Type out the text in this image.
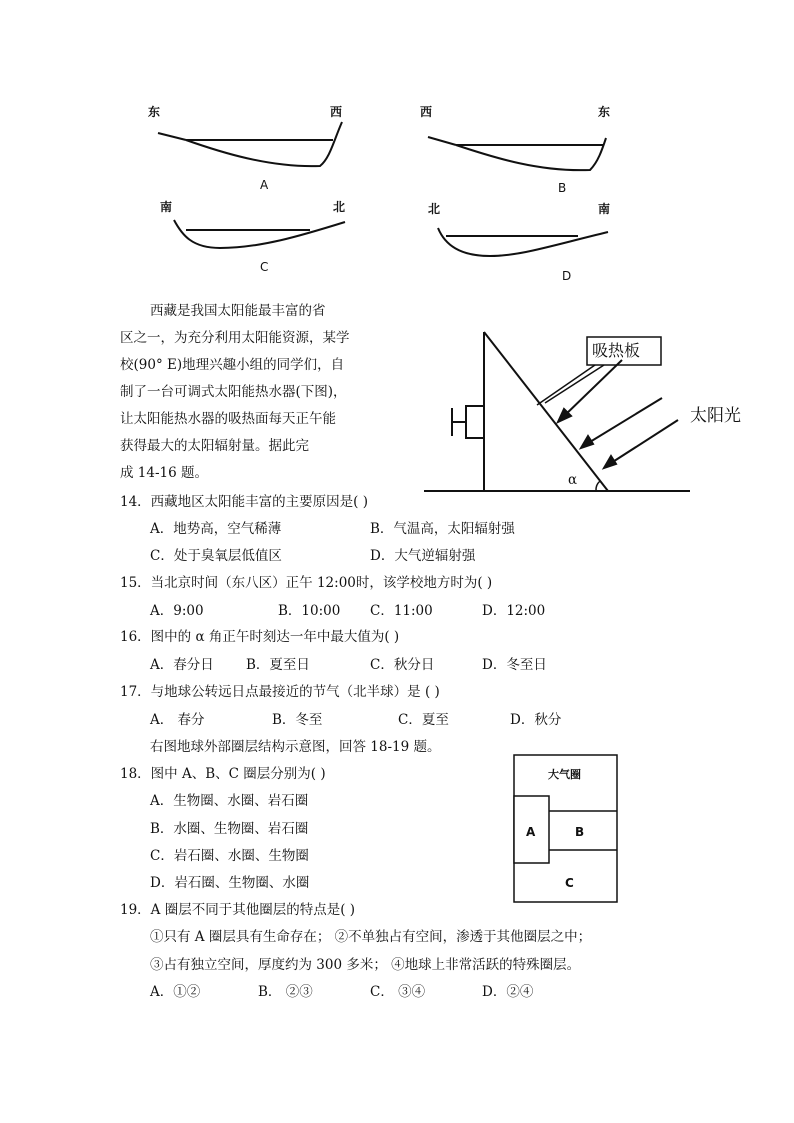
东	西
A
西	东
B
南	北
C
北	南
D
西藏是我国太阳能最丰富的省
区之一，为充分利用太阳能资源，某学
校(90° E)地理兴趣小组的同学们，自
制了一台可调式太阳能热水器(下图)，
让太阳能热水器的吸热面每天正午能
获得最大的太阳辐射量。据此完
成 14-16 题。
吸热板
太阳光
α
14．西藏地区太阳能丰富的主要原因是( )
A．地势高，空气稀薄	B．气温高，太阳辐射强
C．处于臭氧层低值区	D．大气逆辐射强
15．当北京时间（东八区）正午 12:00时，该学校地方时为( )
A．9:00	B．10:00 C．11:00	D．12:00
16．图中的 α 角正午时刻达一年中最大值为( )
A．春分日 B．夏至日	C．秋分日	D．冬至日
17．与地球公转远日点最接近的节气（北半球）是 ( )
A． 春分	B．冬至	C．夏至	D．秋分
右图地球外部圈层结构示意图，回答 18-19 题。
18．图中 A、B、C 圈层分别为( )
A．生物圈、水圈、岩石圈
B．水圈、生物圈、岩石圈
C．岩石圈、水圈、生物圈
D．岩石圈、生物圈、水圈
大气圈
A	B
C
19．A 圈层不同于其他圈层的特点是( )
①只有 A 圈层具有生命存在； ②不单独占有空间，渗透于其他圈层之中；
③占有独立空间，厚度约为 300 多米； ④地球上非常活跃的特殊圈层。
A．①②	B． ②③	C． ③④	D．②④
